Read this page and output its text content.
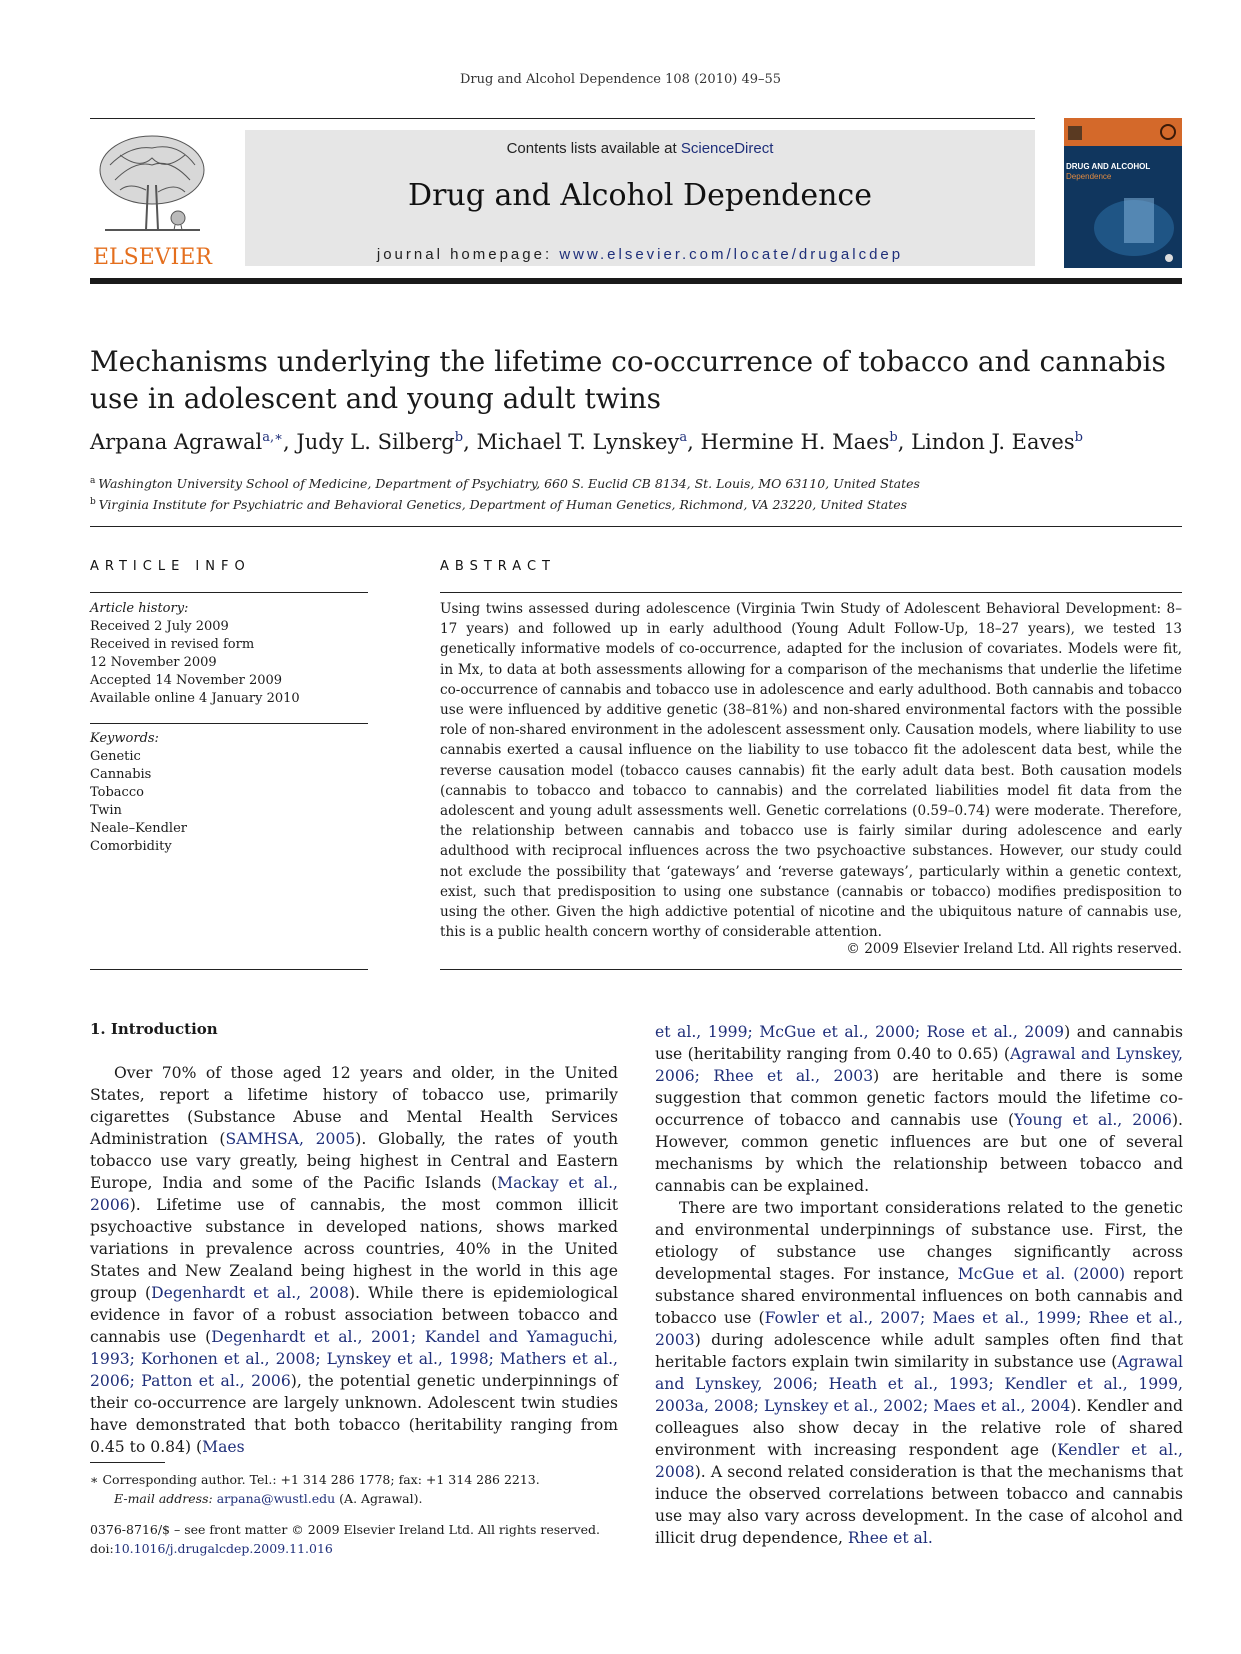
Drug and Alcohol Dependence 108 (2010) 49–55
ELSEVIER
Contents lists available at ScienceDirect
Drug and Alcohol Dependence
journal homepage: www.elsevier.com/locate/drugalcdep
DRUG AND ALCOHOL
Dependence
Mechanisms underlying the lifetime co-occurrence of tobacco and cannabis use in adolescent and young adult twins
Arpana Agrawal$^{a,∗}$, Judy L. Silberg$^b$, Michael T. Lynskey$^a$, Hermine H. Maes$^b$, Lindon J. Eaves$^b$
$^a$ Washington University School of Medicine, Department of Psychiatry, 660 S. Euclid CB 8134, St. Louis, MO 63110, United States
$^b$ Virginia Institute for Psychiatric and Behavioral Genetics, Department of Human Genetics, Richmond, VA 23220, United States
ARTICLE INFO
Article history:
Received 2 July 2009
Received in revised form
12 November 2009
Accepted 14 November 2009
Available online 4 January 2010
Keywords:
Genetic
Cannabis
Tobacco
Twin
Neale–Kendler
Comorbidity
ABSTRACT
Using twins assessed during adolescence (Virginia Twin Study of Adolescent Behavioral Development: 8–17 years) and followed up in early adulthood (Young Adult Follow-Up, 18–27 years), we tested 13 genetically informative models of co-occurrence, adapted for the inclusion of covariates. Models were fit, in Mx, to data at both assessments allowing for a comparison of the mechanisms that underlie the lifetime co-occurrence of cannabis and tobacco use in adolescence and early adulthood. Both cannabis and tobacco use were influenced by additive genetic (38–81%) and non-shared environmental factors with the possible role of non-shared environment in the adolescent assessment only. Causation models, where liability to use cannabis exerted a causal influence on the liability to use tobacco fit the adolescent data best, while the reverse causation model (tobacco causes cannabis) fit the early adult data best. Both causation models (cannabis to tobacco and tobacco to cannabis) and the correlated liabilities model fit data from the adolescent and young adult assessments well. Genetic correlations (0.59–0.74) were moderate. Therefore, the relationship between cannabis and tobacco use is fairly similar during adolescence and early adulthood with reciprocal influences across the two psychoactive substances. However, our study could not exclude the possibility that ‘gateways’ and ‘reverse gateways’, particularly within a genetic context, exist, such that predisposition to using one substance (cannabis or tobacco) modifies predisposition to using the other. Given the high addictive potential of nicotine and the ubiquitous nature of cannabis use, this is a public health concern worthy of considerable attention.
© 2009 Elsevier Ireland Ltd. All rights reserved.
1. Introduction

Over 70% of those aged 12 years and older, in the United States, report a lifetime history of tobacco use, primarily cigarettes (Substance Abuse and Mental Health Services Administration (SAMHSA, 2005). Globally, the rates of youth tobacco use vary greatly, being highest in Central and Eastern Europe, India and some of the Pacific Islands (Mackay et al., 2006). Lifetime use of cannabis, the most common illicit psychoactive substance in developed nations, shows marked variations in prevalence across countries, 40% in the United States and New Zealand being highest in the world in this age group (Degenhardt et al., 2008). While there is epidemiological evidence in favor of a robust association between tobacco and cannabis use (Degenhardt et al., 2001; Kandel and Yamaguchi, 1993; Korhonen et al., 2008; Lynskey et al., 1998; Mathers et al., 2006; Patton et al., 2006), the potential genetic underpinnings of their co-occurrence are largely unknown. Adolescent twin studies have demonstrated that both tobacco (heritability ranging from 0.45 to 0.84) (Maes

et al., 1999; McGue et al., 2000; Rose et al., 2009) and cannabis use (heritability ranging from 0.40 to 0.65) (Agrawal and Lynskey, 2006; Rhee et al., 2003) are heritable and there is some suggestion that common genetic factors mould the lifetime co-occurrence of tobacco and cannabis use (Young et al., 2006). However, common genetic influences are but one of several mechanisms by which the relationship between tobacco and cannabis can be explained.

There are two important considerations related to the genetic and environmental underpinnings of substance use. First, the etiology of substance use changes significantly across developmental stages. For instance, McGue et al. (2000) report substance shared environmental influences on both cannabis and tobacco use (Fowler et al., 2007; Maes et al., 1999; Rhee et al., 2003) during adolescence while adult samples often find that heritable factors explain twin similarity in substance use (Agrawal and Lynskey, 2006; Heath et al., 1993; Kendler et al., 1999, 2003a, 2008; Lynskey et al., 2002; Maes et al., 2004). Kendler and colleagues also show decay in the relative role of shared environment with increasing respondent age (Kendler et al., 2008). A second related consideration is that the mechanisms that induce the observed correlations between tobacco and cannabis use may also vary across development. In the case of alcohol and illicit drug dependence, Rhee et al.

∗ Corresponding author. Tel.: +1 314 286 1778; fax: +1 314 286 2213.
E-mail address: arpana@wustl.edu (A. Agrawal).
0376-8716/$ – see front matter © 2009 Elsevier Ireland Ltd. All rights reserved.
doi:10.1016/j.drugalcdep.2009.11.016
